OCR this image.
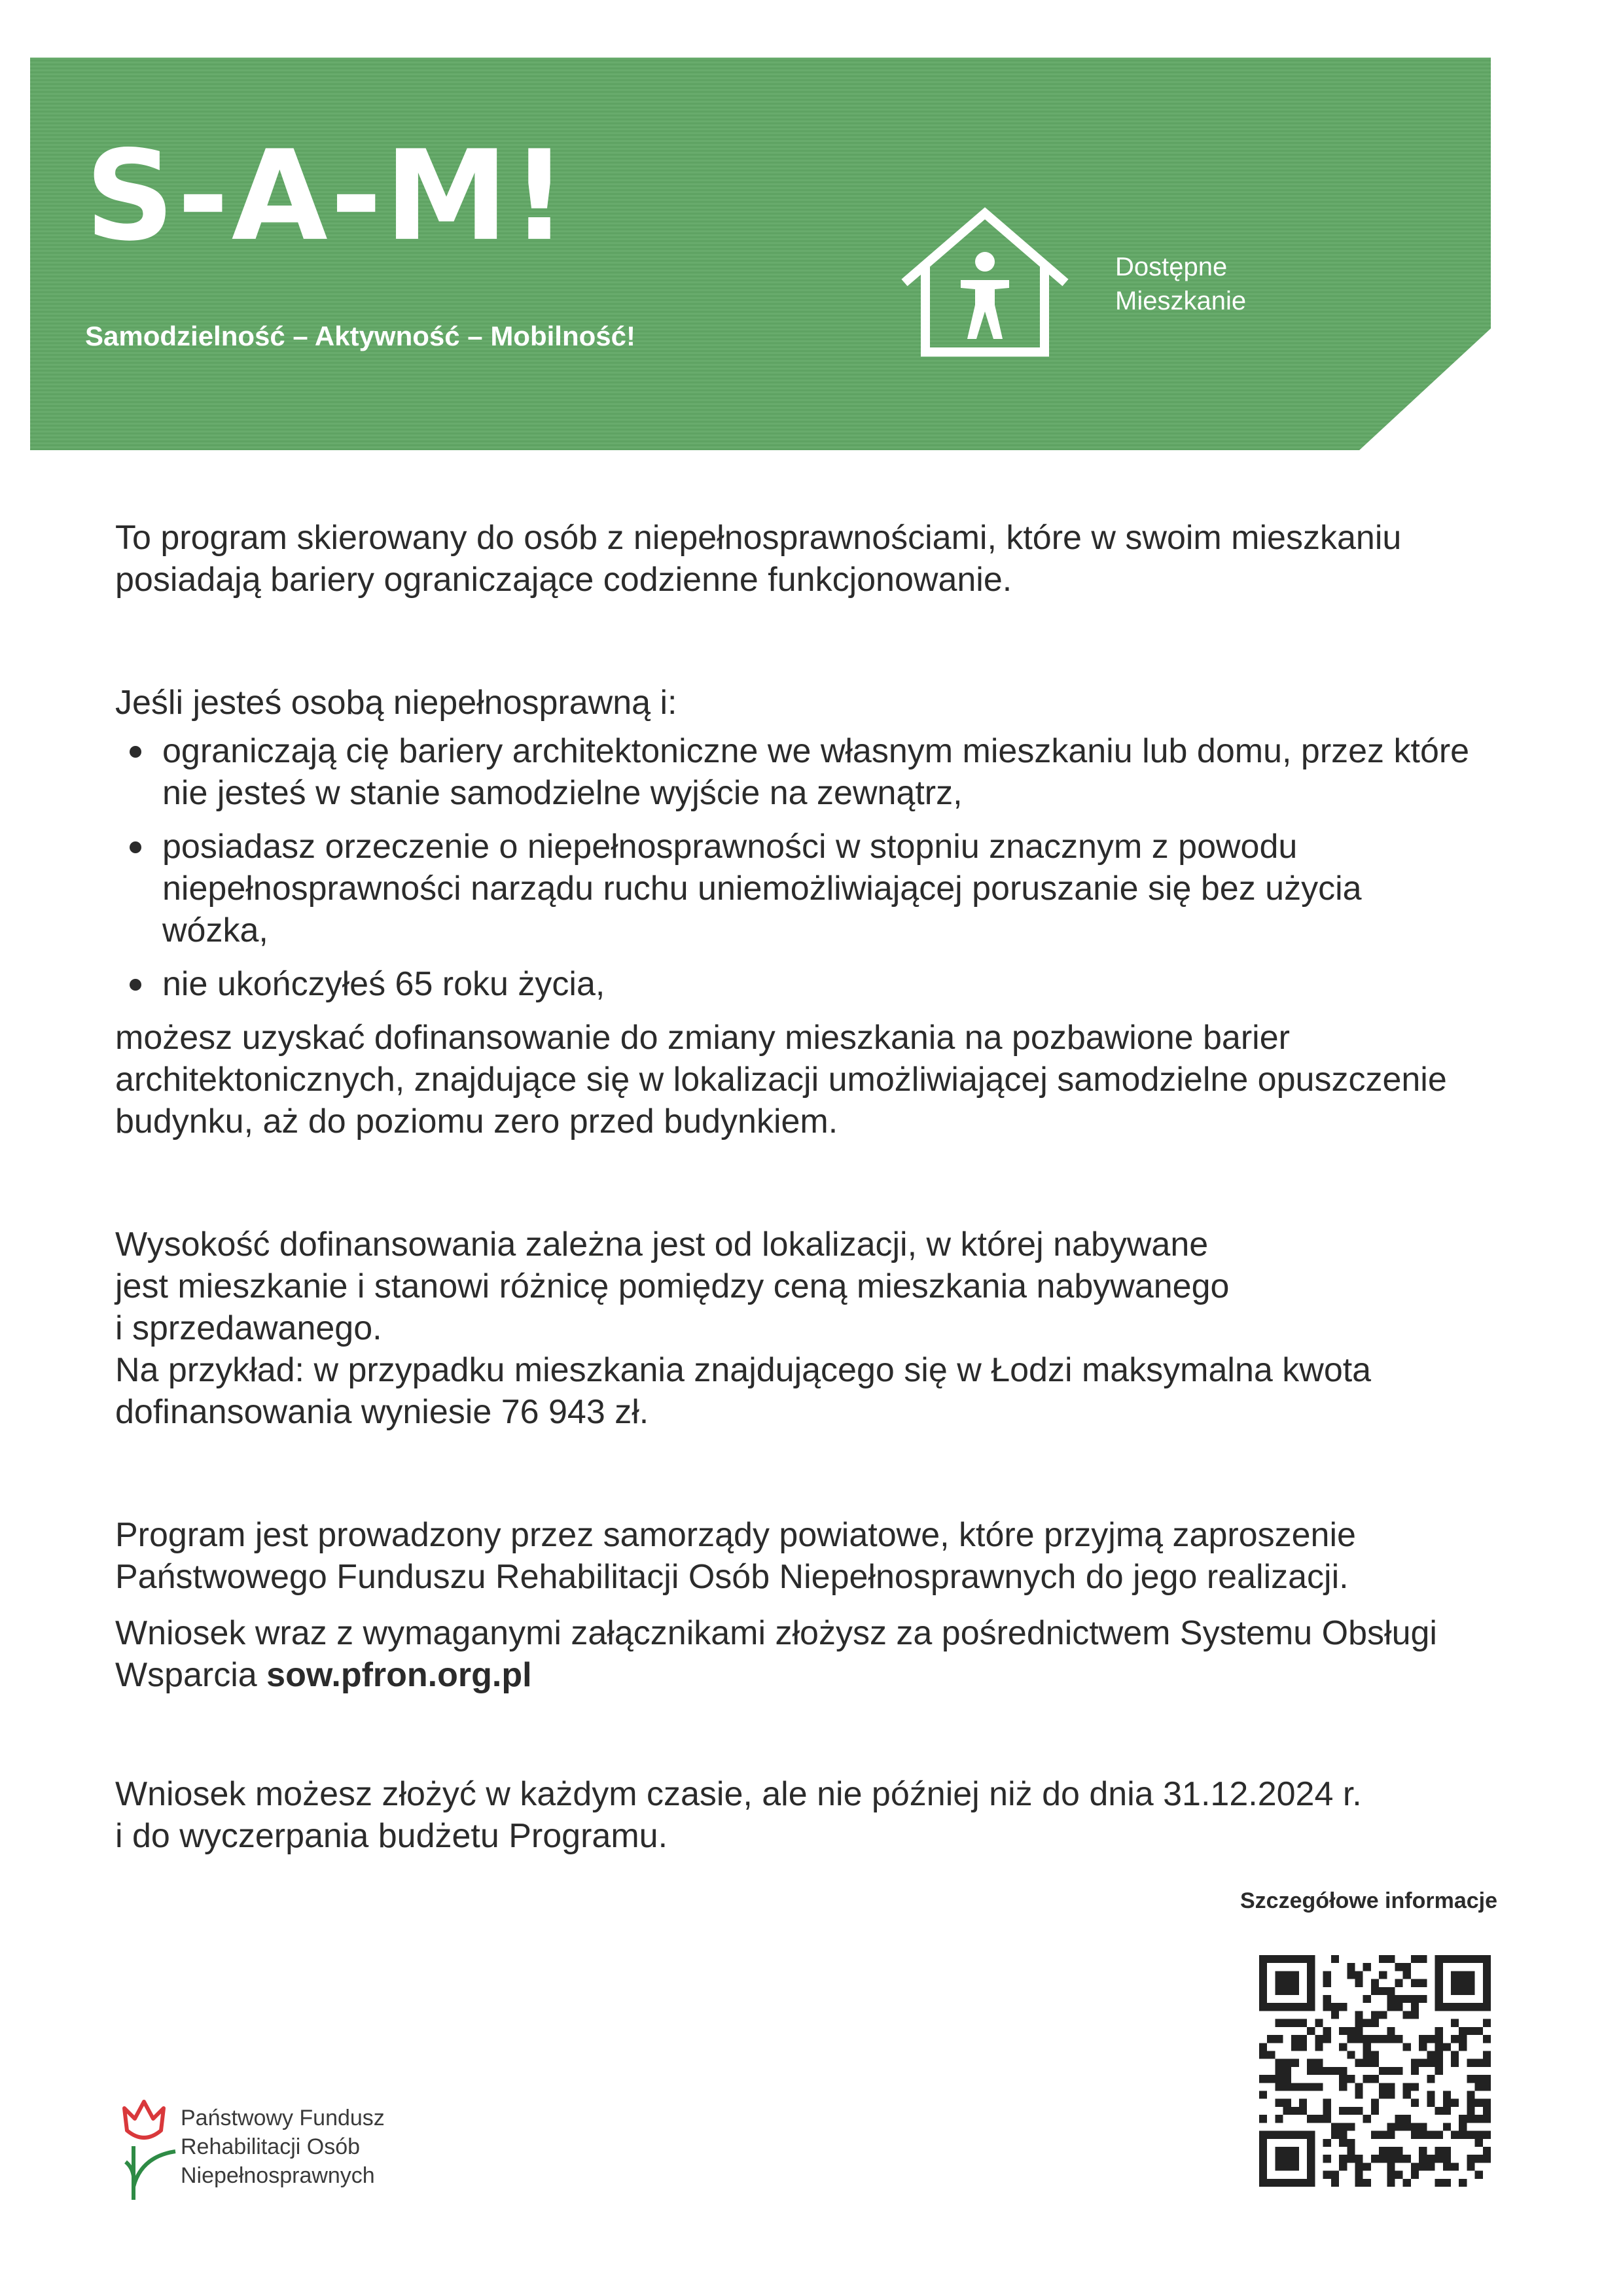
S-A-M!

Samodzielność – Aktywność – Mobilność!

Dostępne
Mieszkanie

To program skierowany do osób z niepełnosprawnościami, które w swoim mieszkaniu posiadają bariery ograniczające codzienne funkcjonowanie.

Jeśli jesteś osobą niepełnosprawną i:

ograniczają cię bariery architektoniczne we własnym mieszkaniu lub domu, przez które nie jesteś w stanie samodzielne wyjście na zewnątrz,
posiadasz orzeczenie o niepełnosprawności w stopniu znacznym z powodu niepełnosprawności narządu ruchu uniemożliwiającej poruszanie się bez użycia wózka,
nie ukończyłeś 65 roku życia,

możesz uzyskać dofinansowanie do zmiany mieszkania na pozbawione barier architektonicznych, znajdujące się w lokalizacji umożliwiającej samodzielne opuszczenie budynku, aż do poziomu zero przed budynkiem.

Wysokość dofinansowania zależna jest od lokalizacji, w której nabywane
jest mieszkanie i stanowi różnicę pomiędzy ceną mieszkania nabywanego
i sprzedawanego.

Na przykład: w przypadku mieszkania znajdującego się w Łodzi maksymalna kwota dofinansowania wyniesie 76 943 zł.

Program jest prowadzony przez samorządy powiatowe, które przyjmą zaproszenie Państwowego Funduszu Rehabilitacji Osób Niepełnosprawnych do jego realizacji.

Wniosek wraz z wymaganymi załącznikami złożysz za pośrednictwem Systemu Obsługi Wsparcia sow.pfron.org.pl

Wniosek możesz złożyć w każdym czasie, ale nie później niż do dnia 31.12.2024 r.
i do wyczerpania budżetu Programu.

Szczegółowe informacje

Państwowy Fundusz
Rehabilitacji Osób
Niepełnosprawnych
